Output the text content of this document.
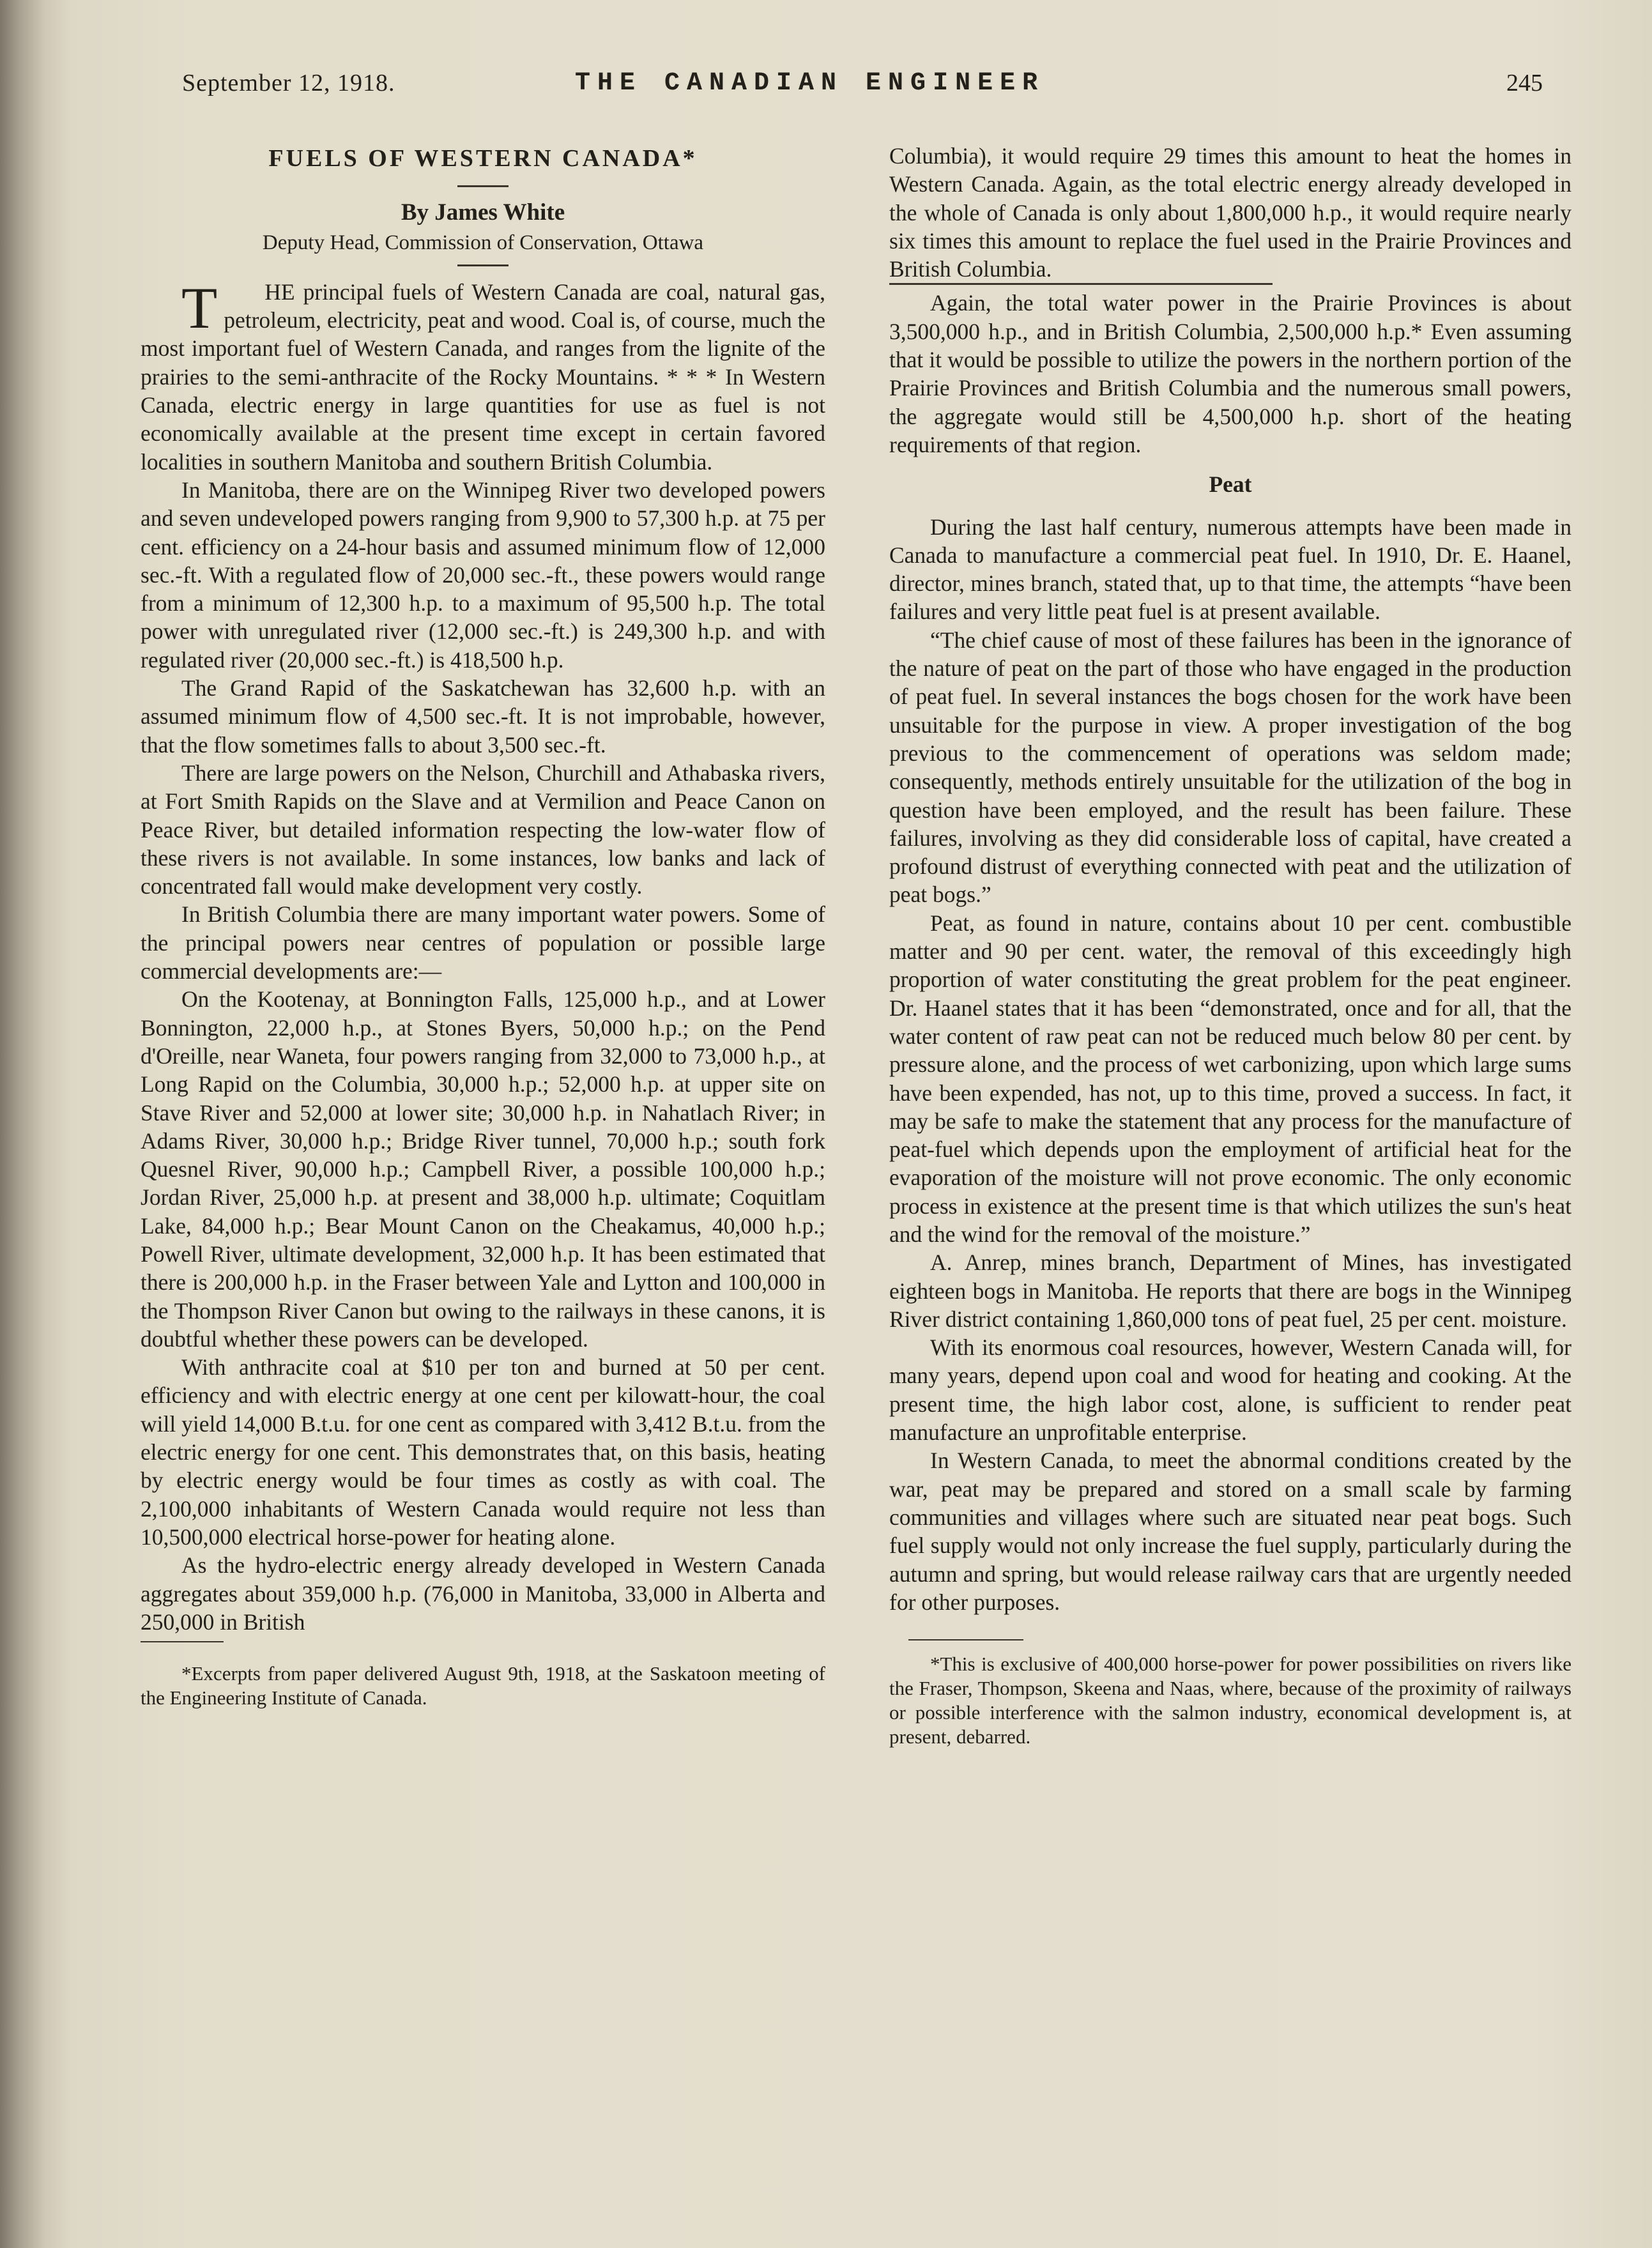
September 12, 1918.	THE CANADIAN ENGINEER	245
FUELS OF WESTERN CANADA*
By James White
Deputy Head, Commission of Conservation, Ottawa

T HE principal fuels of Western Canada are coal, natural gas, petroleum, electricity, peat and wood. Coal is, of course, much the most important fuel of Western Canada, and ranges from the lignite of the prairies to the semi-anthracite of the Rocky Mountains. * * * In Western Canada, electric energy in large quantities for use as fuel is not economically available at the present time except in certain favored localities in southern Manitoba and southern British Columbia.

In Manitoba, there are on the Winnipeg River two developed powers and seven undeveloped powers ranging from 9,900 to 57,300 h.p. at 75 per cent. efficiency on a 24-hour basis and assumed minimum flow of 12,000 sec.-ft. With a regulated flow of 20,000 sec.-ft., these powers would range from a minimum of 12,300 h.p. to a maximum of 95,500 h.p. The total power with unregulated river (12,000 sec.-ft.) is 249,300 h.p. and with regulated river (20,000 sec.-ft.) is 418,500 h.p.

The Grand Rapid of the Saskatchewan has 32,600 h.p. with an assumed minimum flow of 4,500 sec.-ft. It is not improbable, however, that the flow sometimes falls to about 3,500 sec.-ft.

There are large powers on the Nelson, Churchill and Athabaska rivers, at Fort Smith Rapids on the Slave and at Vermilion and Peace Canon on Peace River, but detailed information respecting the low-water flow of these rivers is not available. In some instances, low banks and lack of concentrated fall would make development very costly.

In British Columbia there are many important water powers. Some of the principal powers near centres of population or possible large commercial developments are:—

On the Kootenay, at Bonnington Falls, 125,000 h.p., and at Lower Bonnington, 22,000 h.p., at Stones Byers, 50,000 h.p.; on the Pend d'Oreille, near Waneta, four powers ranging from 32,000 to 73,000 h.p., at Long Rapid on the Columbia, 30,000 h.p.; 52,000 h.p. at upper site on Stave River and 52,000 at lower site; 30,000 h.p. in Nahatlach River; in Adams River, 30,000 h.p.; Bridge River tunnel, 70,000 h.p.; south fork Quesnel River, 90,000 h.p.; Campbell River, a possible 100,000 h.p.; Jordan River, 25,000 h.p. at present and 38,000 h.p. ultimate; Coquitlam Lake, 84,000 h.p.; Bear Mount Canon on the Cheakamus, 40,000 h.p.; Powell River, ultimate development, 32,000 h.p. It has been estimated that there is 200,000 h.p. in the Fraser between Yale and Lytton and 100,000 in the Thompson River Canon but owing to the railways in these canons, it is doubtful whether these powers can be developed.

With anthracite coal at $10 per ton and burned at 50 per cent. efficiency and with electric energy at one cent per kilowatt-hour, the coal will yield 14,000 B.t.u. for one cent as compared with 3,412 B.t.u. from the electric energy for one cent. This demonstrates that, on this basis, heating by electric energy would be four times as costly as with coal. The 2,100,000 inhabitants of Western Canada would require not less than 10,500,000 electrical horse-power for heating alone.

As the hydro-electric energy already developed in Western Canada aggregates about 359,000 h.p. (76,000 in Manitoba, 33,000 in Alberta and 250,000 in British

*Excerpts from paper delivered August 9th, 1918, at the Saskatoon meeting of the Engineering Institute of Canada.

Columbia), it would require 29 times this amount to heat the homes in Western Canada. Again, as the total electric energy already developed in the whole of Canada is only about 1,800,000 h.p., it would require nearly six times this amount to replace the fuel used in the Prairie Provinces and British Columbia.

Again, the total water power in the Prairie Provinces is about 3,500,000 h.p., and in British Columbia, 2,500,000 h.p.* Even assuming that it would be possible to utilize the powers in the northern portion of the Prairie Provinces and British Columbia and the numerous small powers, the aggregate would still be 4,500,000 h.p. short of the heating requirements of that region.

Peat

During the last half century, numerous attempts have been made in Canada to manufacture a commercial peat fuel. In 1910, Dr. E. Haanel, director, mines branch, stated that, up to that time, the attempts “have been failures and very little peat fuel is at present available.

“The chief cause of most of these failures has been in the ignorance of the nature of peat on the part of those who have engaged in the production of peat fuel. In several instances the bogs chosen for the work have been unsuitable for the purpose in view. A proper investigation of the bog previous to the commencement of operations was seldom made; consequently, methods entirely unsuitable for the utilization of the bog in question have been employed, and the result has been failure. These failures, involving as they did considerable loss of capital, have created a profound distrust of everything connected with peat and the utilization of peat bogs.”

Peat, as found in nature, contains about 10 per cent. combustible matter and 90 per cent. water, the removal of this exceedingly high proportion of water constituting the great problem for the peat engineer. Dr. Haanel states that it has been “demonstrated, once and for all, that the water content of raw peat can not be reduced much below 80 per cent. by pressure alone, and the process of wet carbonizing, upon which large sums have been expended, has not, up to this time, proved a success. In fact, it may be safe to make the statement that any process for the manufacture of peat-fuel which depends upon the employment of artificial heat for the evaporation of the moisture will not prove economic. The only economic process in existence at the present time is that which utilizes the sun's heat and the wind for the removal of the moisture.”

A. Anrep, mines branch, Department of Mines, has investigated eighteen bogs in Manitoba. He reports that there are bogs in the Winnipeg River district containing 1,860,000 tons of peat fuel, 25 per cent. moisture.

With its enormous coal resources, however, Western Canada will, for many years, depend upon coal and wood for heating and cooking. At the present time, the high labor cost, alone, is sufficient to render peat manufacture an unprofitable enterprise.

In Western Canada, to meet the abnormal conditions created by the war, peat may be prepared and stored on a small scale by farming communities and villages where such are situated near peat bogs. Such fuel supply would not only increase the fuel supply, particularly during the autumn and spring, but would release railway cars that are urgently needed for other purposes.

*This is exclusive of 400,000 horse-power for power possibilities on rivers like the Fraser, Thompson, Skeena and Naas, where, because of the proximity of railways or possible interference with the salmon industry, economical development is, at present, debarred.
